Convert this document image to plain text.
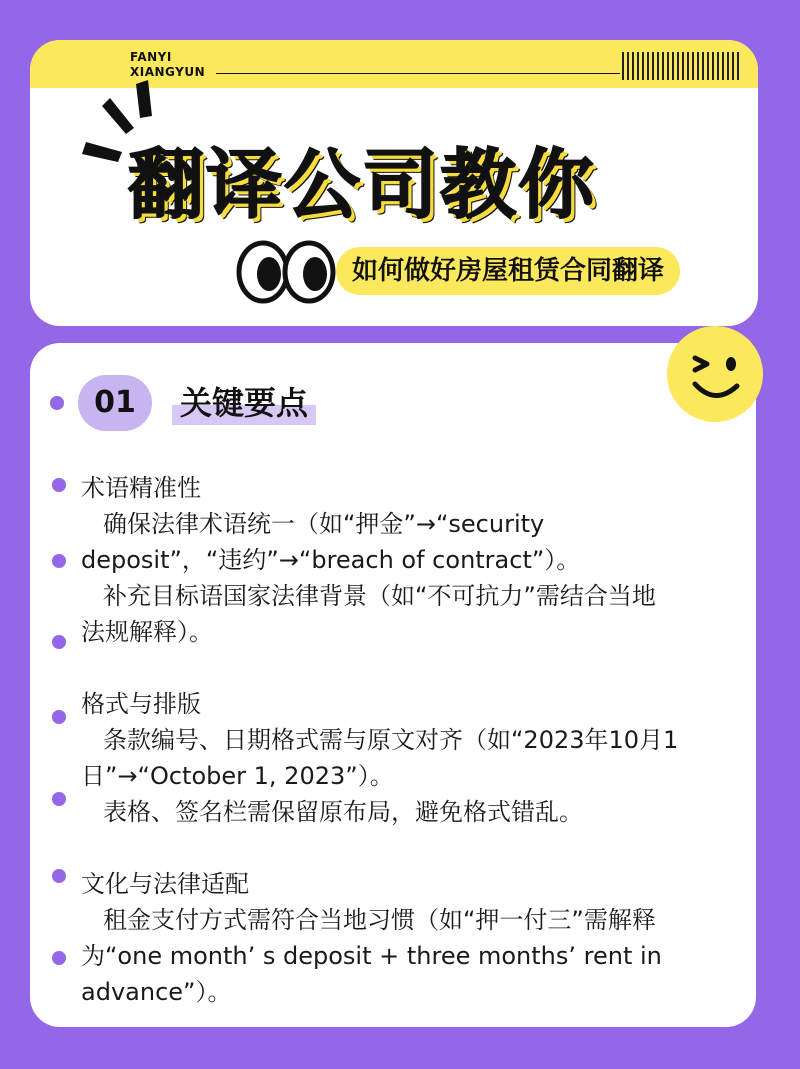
FANYI
XIANGYUN
翻译公司教你
如何做好房屋租赁合同翻译
01	关键要点
术语精准性
确保法律术语统一（如“押金”→“security
deposit”，“违约”→“breach of contract”）。
补充目标语国家法律背景（如“不可抗力”需结合当地
法规解释）。
格式与排版
条款编号、日期格式需与原文对齐（如“2023年10月1
日”→“October 1, 2023”）。
表格、签名栏需保留原布局，避免格式错乱。
文化与法律适配
租金支付方式需符合当地习惯（如“押一付三”需解释
为“one month’ s deposit + three months’ rent in
advance”）。
